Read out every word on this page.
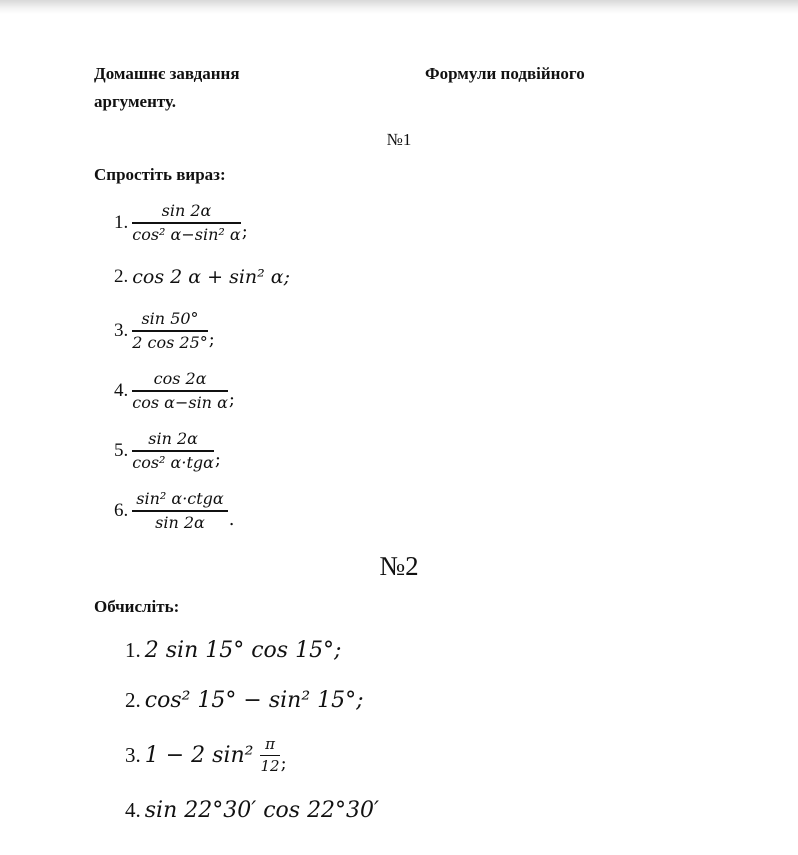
Домашнє завдання	Формули подвійного
аргументу.
№1
Спростіть вираз:
1. $\frac{\sin 2\alpha}{\text{cos² α−sin² α}}$ ;
2. cos 2 α + sin² α;
3. $\frac{\sin 50^\circ}{2 \cos 25^\circ}$ ;
4. $\frac{\cos 2\alpha}{\text{cos α−sin α}}$ ;
5. $\frac{\sin 2\alpha}{\text{cos² α·tgα}}$ ;
6. $\frac{\text{sin² α·ctgα}}{\sin 2\alpha}$ .
№2
Обчисліть:
1. 2 sin 15° cos 15°;
2. cos² 15° − sin² 15°;
3. 1 − 2 $\sin^2 \frac{\pi}{12}$ ;
4. sin 22°30′ cos 22°30′
